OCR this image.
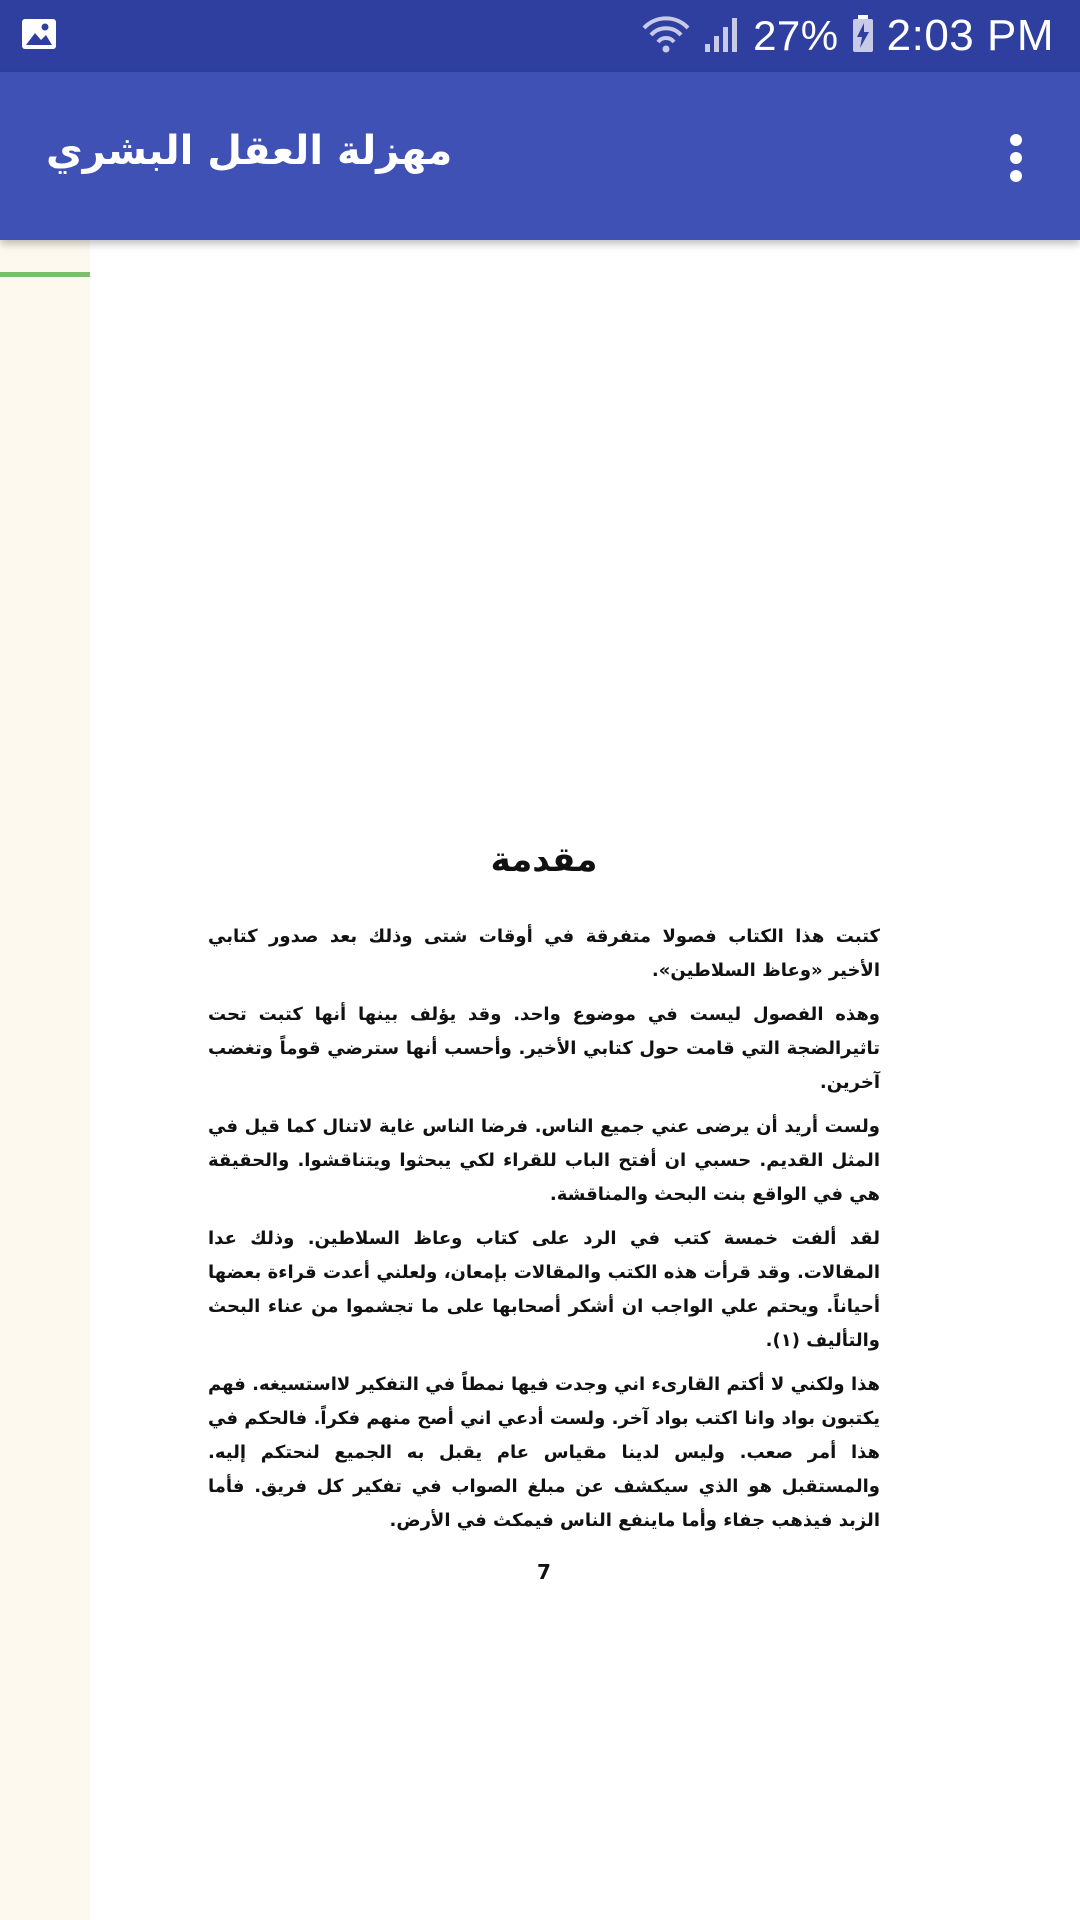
27% 2:03 PM
مهزلة العقل البشري
مقدمة

كتبت هذا الكتاب فصولا متفرقة في أوقات شتى وذلك بعد صدور كتابي الأخير «وعاظ السلاطين».

وهذه الفصول ليست في موضوع واحد. وقد يؤلف بينها أنها كتبت تحت تاثيرالضجة التي قامت حول كتابي الأخير. وأحسب أنها سترضي قوماً وتغضب آخرين.

ولست أريد أن يرضى عني جميع الناس. فرضا الناس غاية لاتنال كما قيل في المثل القديم. حسبي ان أفتح الباب للقراء لكي يبحثوا ويتناقشوا. والحقيقة هي في الواقع بنت البحث والمناقشة.

لقد ألفت خمسة كتب في الرد على كتاب وعاظ السلاطين. وذلك عدا المقالات. وقد قرأت هذه الكتب والمقالات بإمعان، ولعلني أعدت قراءة بعضها أحياناً. ويحتم علي الواجب ان أشكر أصحابها على ما تجشموا من عناء البحث والتأليف (١).

هذا ولكني لا أكتم القارىء اني وجدت فيها نمطاً في التفكير لااستسيغه. فهم يكتبون بواد وانا اكتب بواد آخر. ولست أدعي اني أصح منهم فكراً. فالحكم في هذا أمر صعب. وليس لدينا مقياس عام يقبل به الجميع لنحتكم إليه. والمستقبل هو الذي سيكشف عن مبلغ الصواب في تفكير كل فريق. فأما الزبد فيذهب جفاء وأما ماينفع الناس فيمكث في الأرض.

7
